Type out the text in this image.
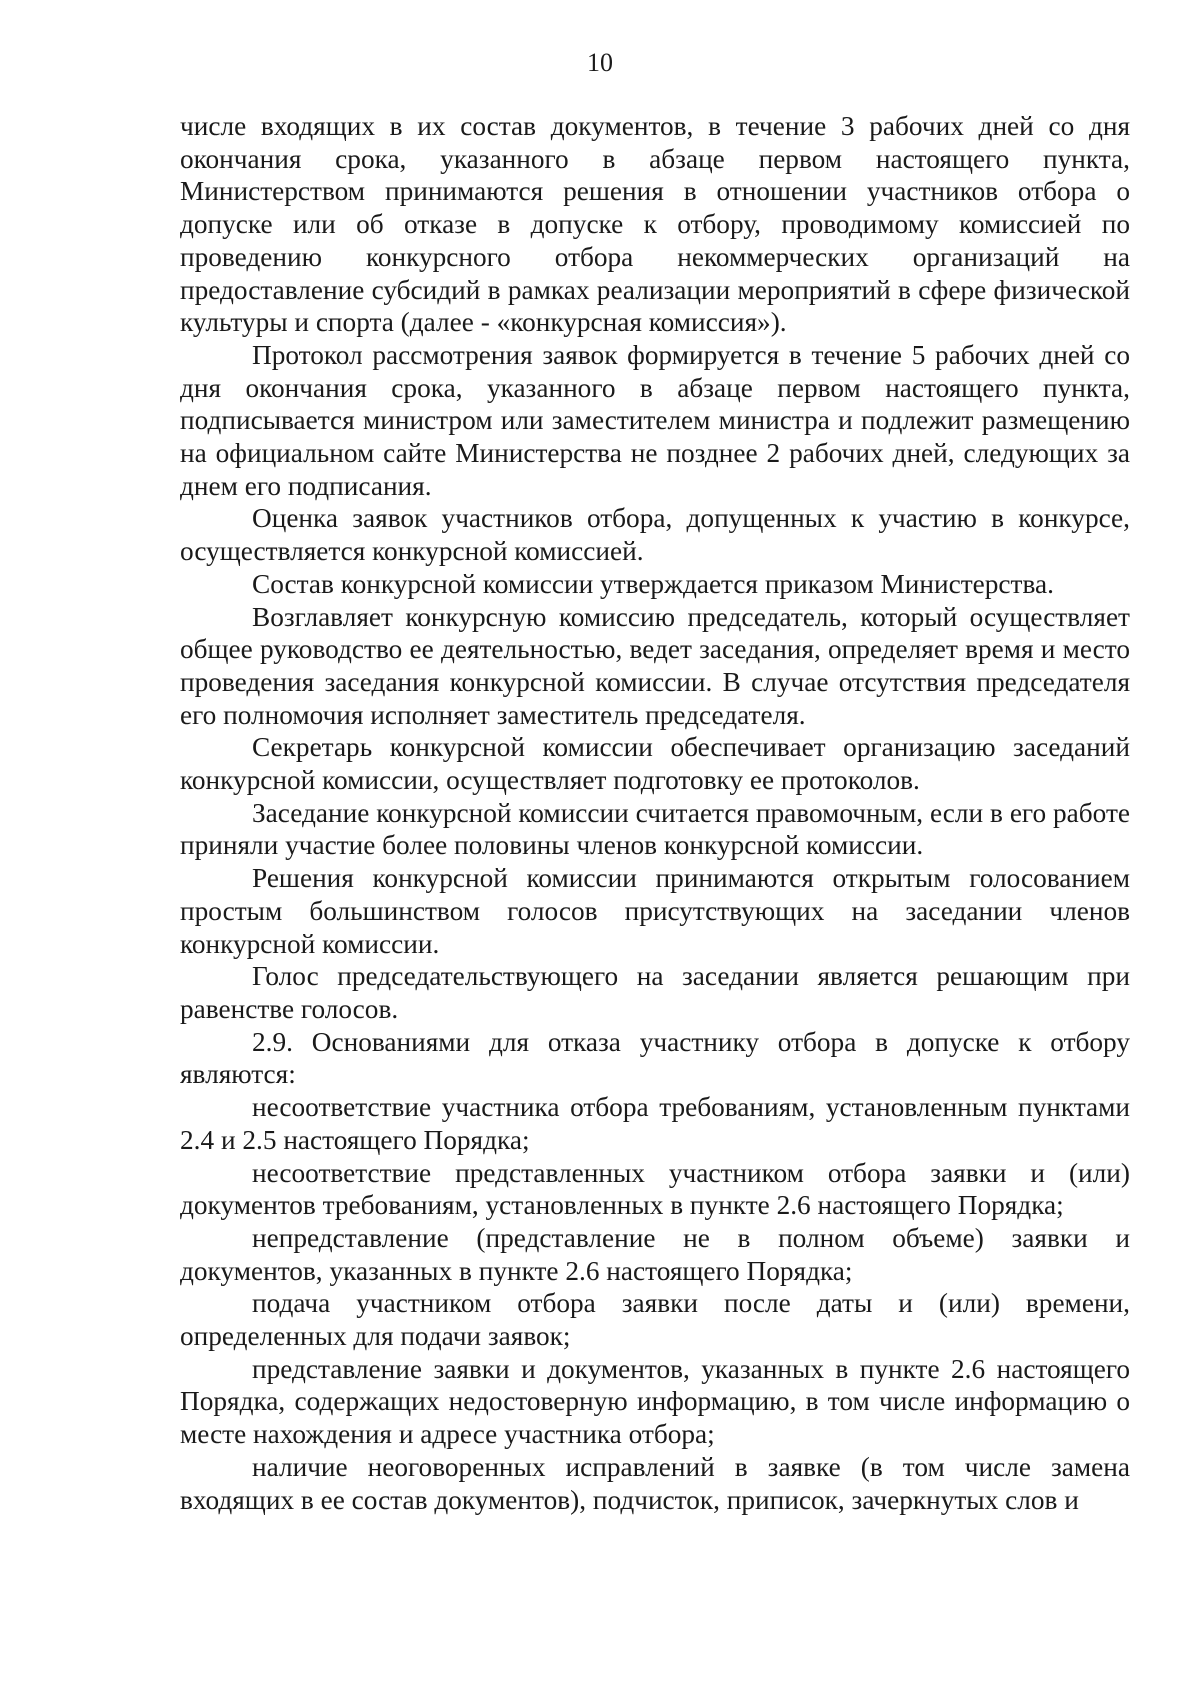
10

числе входящих в их состав документов, в течение 3 рабочих дней со дня окончания срока, указанного в абзаце первом настоящего пункта, Министерством принимаются решения в отношении участников отбора о допуске или об отказе в допуске к отбору, проводимому комиссией по проведению конкурсного отбора некоммерческих организаций на предоставление субсидий в рамках реализации мероприятий в сфере физической культуры и спорта (далее - «конкурсная комиссия»).

Протокол рассмотрения заявок формируется в течение 5 рабочих дней со дня окончания срока, указанного в абзаце первом настоящего пункта, подписывается министром или заместителем министра и подлежит размещению на официальном сайте Министерства не позднее 2 рабочих дней, следующих за днем его подписания.

Оценка заявок участников отбора, допущенных к участию в конкурсе, осуществляется конкурсной комиссией.

Состав конкурсной комиссии утверждается приказом Министерства.

Возглавляет конкурсную комиссию председатель, который осуществляет общее руководство ее деятельностью, ведет заседания, определяет время и место проведения заседания конкурсной комиссии. В случае отсутствия председателя его полномочия исполняет заместитель председателя.

Секретарь конкурсной комиссии обеспечивает организацию заседаний конкурсной комиссии, осуществляет подготовку ее протоколов.

Заседание конкурсной комиссии считается правомочным, если в его работе приняли участие более половины членов конкурсной комиссии.

Решения конкурсной комиссии принимаются открытым голосованием простым большинством голосов присутствующих на заседании членов конкурсной комиссии.

Голос председательствующего на заседании является решающим при равенстве голосов.

2.9. Основаниями для отказа участнику отбора в допуске к отбору являются:

несоответствие участника отбора требованиям, установленным пунктами 2.4 и 2.5 настоящего Порядка;

несоответствие представленных участником отбора заявки и (или) документов требованиям, установленных в пункте 2.6 настоящего Порядка;

непредставление (представление не в полном объеме) заявки и документов, указанных в пункте 2.6 настоящего Порядка;

подача участником отбора заявки после даты и (или) времени, определенных для подачи заявок;

представление заявки и документов, указанных в пункте 2.6 настоящего Порядка, содержащих недостоверную информацию, в том числе информацию о месте нахождения и адресе участника отбора;

наличие неоговоренных исправлений в заявке (в том числе замена входящих в ее состав документов), подчисток, приписок, зачеркнутых слов и
